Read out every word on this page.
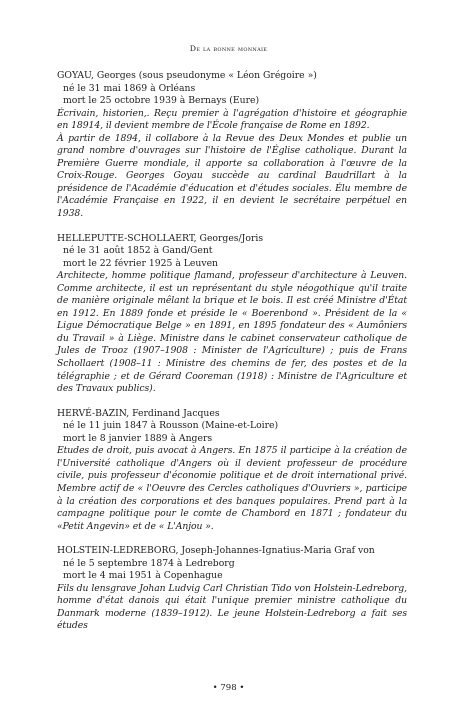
De la bonne monnaie

GOYAU, Georges (sous pseudonyme « Léon Grégoire »)

né le 31 mai 1869 à Orléans

mort le 25 octobre 1939 à Bernays (Eure)

Écrivain, historien,. Reçu premier à l'agrégation d'histoire et géographie en 18914, il devient membre de l'École française de Rome en 1892.

À partir de 1894, il collabore à la Revue des Deux Mondes et publie un grand nombre d'ouvrages sur l'histoire de l'Église catholique. Durant la Première Guerre mondiale, il apporte sa collaboration à l'œuvre de la Croix-Rouge. Georges Goyau succède au cardinal Baudrillart à la présidence de l'Académie d'éducation et d'études sociales. Élu membre de l'Académie Française en 1922, il en devient le secrétaire perpétuel en 1938.

HELLEPUTTE-SCHOLLAERT, Georges/Joris

né le 31 août 1852 à Gand/Gent

mort le 22 février 1925 à Leuven

Architecte, homme politique flamand, professeur d'architecture à Leuven. Comme architecte, il est un représentant du style néogothique qu'il traite de manière originale mêlant la brique et le bois. Il est créé Ministre d'État en 1912. En 1889 fonde et préside le « Boerenbond ». Président de la « Ligue Démocratique Belge » en 1891, en 1895 fondateur des « Aumôniers du Travail » à Liège. Ministre dans le cabinet conservateur catholique de Jules de Trooz (1907–1908 : Minister de l'Agriculture) ; puis de Frans Schollaert (1908–11 : Ministre des chemins de fer, des postes et de la télégraphie ; et de Gérard Cooreman (1918) : Ministre de l'Agriculture et des Travaux publics).

HERVÉ-BAZIN, Ferdinand Jacques

né le 11 juin 1847 à Rousson (Maine-et-Loire)

mort le 8 janvier 1889 à Angers

Etudes de droit, puis avocat à Angers. En 1875 il participe à la création de l'Université catholique d'Angers où il devient professeur de procédure civile, puis professeur d'économie politique et de droit international privé. Membre actif de « l'Oeuvre des Cercles catholiques d'Ouvriers », participe à la création des corporations et des banques populaires. Prend part à la campagne politique pour le comte de Chambord en 1871 ; fondateur du «Petit Angevin» et de « L'Anjou ».

HOLSTEIN-LEDREBORG, Joseph-Johannes-Ignatius-Maria Graf von

né le 5 septembre 1874 à Ledreborg

mort le 4 mai 1951 à Copenhague

Fils du lensgrave Johan Ludvig Carl Christian Tido von Holstein-Ledreborg, homme d'état danois qui était l'unique premier ministre catholique du Danmark moderne (1839–1912). Le jeune Holstein-Ledreborg a fait ses études

• 798 •
